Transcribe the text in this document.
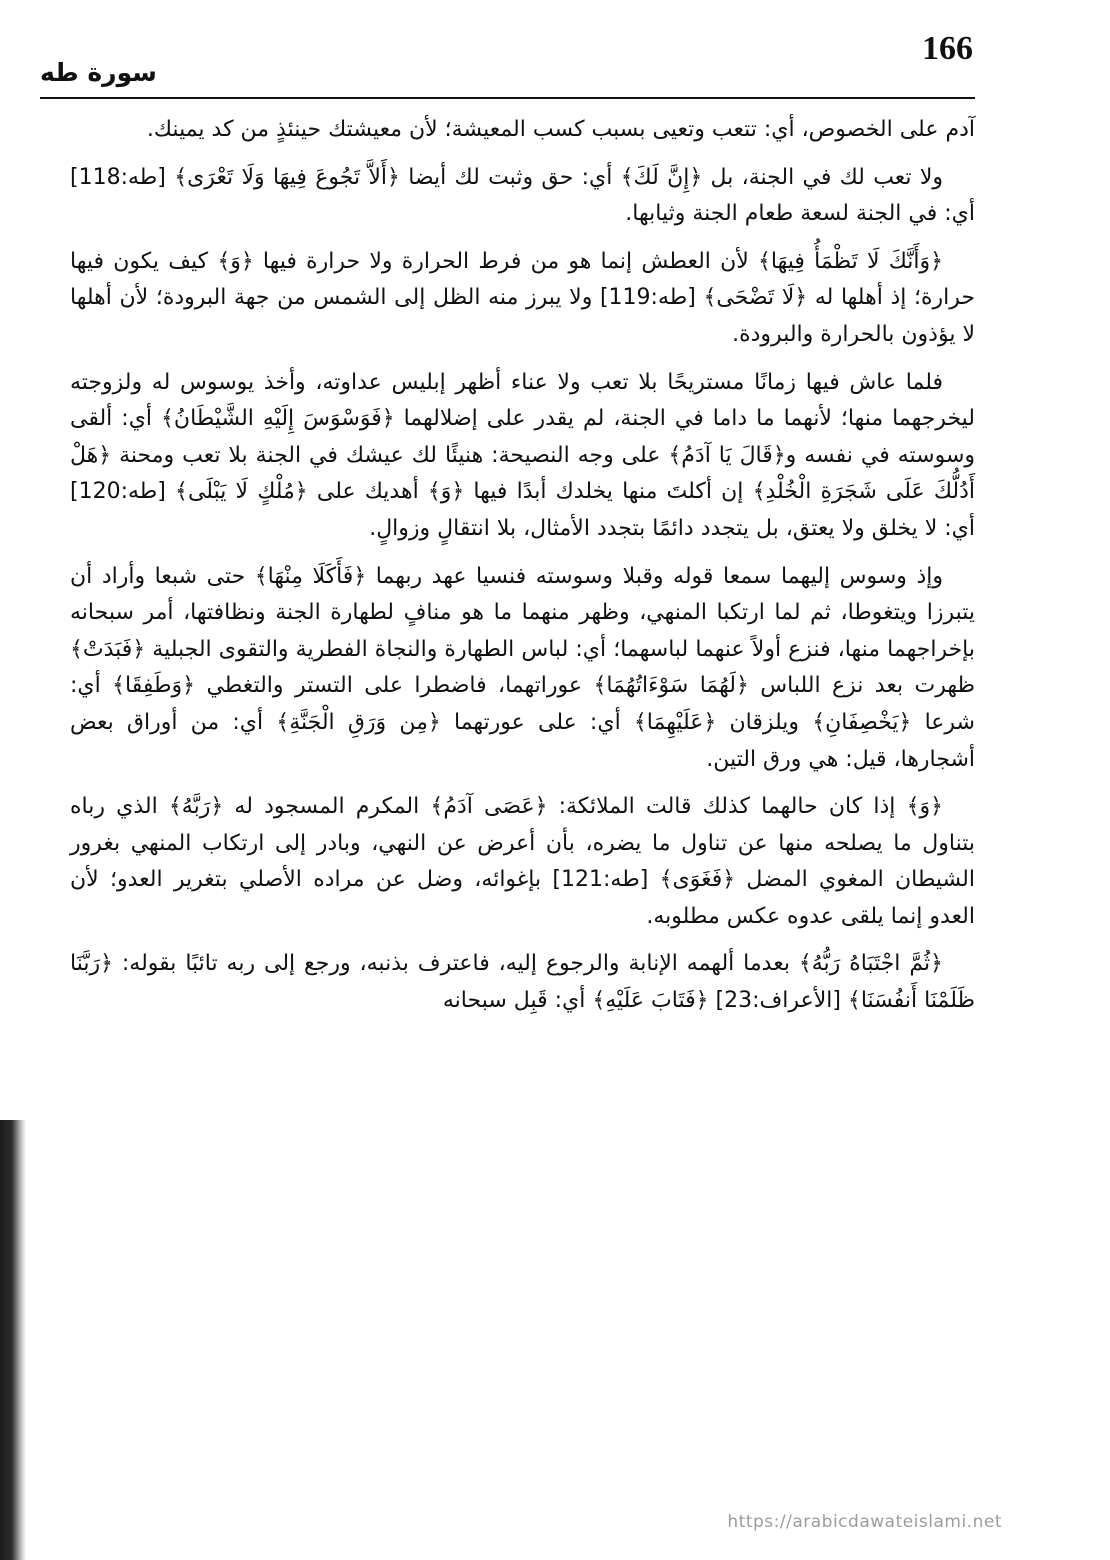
166
سورة طه

آدم على الخصوص، أي: تتعب وتعيى بسبب كسب المعيشة؛ لأن معيشتك حينئذٍ من كد يمينك.

ولا تعب لك في الجنة، بل ﴿إِنَّ لَكَ﴾ أي: حق وثبت لك أيضا ﴿أَلاَّ تَجُوعَ فِيهَا وَلَا تَعْرَى﴾ [طه:118] أي: في الجنة لسعة طعام الجنة وثيابها.

﴿وَأَنَّكَ لَا تَظْمَأُ فِيهَا﴾ لأن العطش إنما هو من فرط الحرارة ولا حرارة فيها ﴿وَ﴾ كيف يكون فيها حرارة؛ إذ أهلها له ﴿لَا تَضْحَى﴾ [طه:119] ولا يبرز منه الظل إلى الشمس من جهة البرودة؛ لأن أهلها لا يؤذون بالحرارة والبرودة.

فلما عاش فيها زمانًا مستريحًا بلا تعب ولا عناء أظهر إبليس عداوته، وأخذ يوسوس له ولزوجته ليخرجهما منها؛ لأنهما ما داما في الجنة، لم يقدر على إضلالهما ﴿فَوَسْوَسَ إِلَيْهِ الشَّيْطَانُ﴾ أي: ألقى وسوسته في نفسه و﴿قَالَ يَا آدَمُ﴾ على وجه النصيحة: هنيئًا لك عيشك في الجنة بلا تعب ومحنة ﴿هَلْ أَدُلُّكَ عَلَى شَجَرَةِ الْخُلْدِ﴾ إن أكلتَ منها يخلدك أبدًا فيها ﴿وَ﴾ أهديك على ﴿مُلْكٍ لَا يَبْلَى﴾ [طه:120] أي: لا يخلق ولا يعتق، بل يتجدد دائمًا بتجدد الأمثال، بلا انتقالٍ وزوالٍ.

وإذ وسوس إليهما سمعا قوله وقبلا وسوسته فنسيا عهد ربهما ﴿فَأَكَلَا مِنْهَا﴾ حتى شبعا وأراد أن يتبرزا ويتغوطا، ثم لما ارتكبا المنهي، وظهر منهما ما هو منافٍ لطهارة الجنة ونظافتها، أمر سبحانه بإخراجهما منها، فنزع أولاً عنهما لباسهما؛ أي: لباس الطهارة والنجاة الفطرية والتقوى الجبلية ﴿فَبَدَتْ﴾ ظهرت بعد نزع اللباس ﴿لَهُمَا سَوْءَاتُهُمَا﴾ عوراتهما، فاضطرا على التستر والتغطي ﴿وَطَفِقَا﴾ أي: شرعا ﴿يَخْصِفَانِ﴾ ويلزقان ﴿عَلَيْهِمَا﴾ أي: على عورتهما ﴿مِن وَرَقِ الْجَنَّةِ﴾ أي: من أوراق بعض أشجارها، قيل: هي ورق التين.

﴿وَ﴾ إذا كان حالهما كذلك قالت الملائكة: ﴿عَصَى آدَمُ﴾ المكرم المسجود له ﴿رَبَّهُ﴾ الذي رباه بتناول ما يصلحه منها عن تناول ما يضره، بأن أعرض عن النهي، وبادر إلى ارتكاب المنهي بغرور الشيطان المغوي المضل ﴿فَغَوَى﴾ [طه:121] بإغوائه، وضل عن مراده الأصلي بتغرير العدو؛ لأن العدو إنما يلقى عدوه عكس مطلوبه.

﴿ثُمَّ اجْتَبَاهُ رَبُّهُ﴾ بعدما ألهمه الإنابة والرجوع إليه، فاعترف بذنبه، ورجع إلى ربه تائبًا بقوله: ﴿رَبَّنَا ظَلَمْنَا أَنفُسَنَا﴾ [الأعراف:23] ﴿فَتَابَ عَلَيْهِ﴾ أي: قَبِل سبحانه

https://arabicdawateislami.net
